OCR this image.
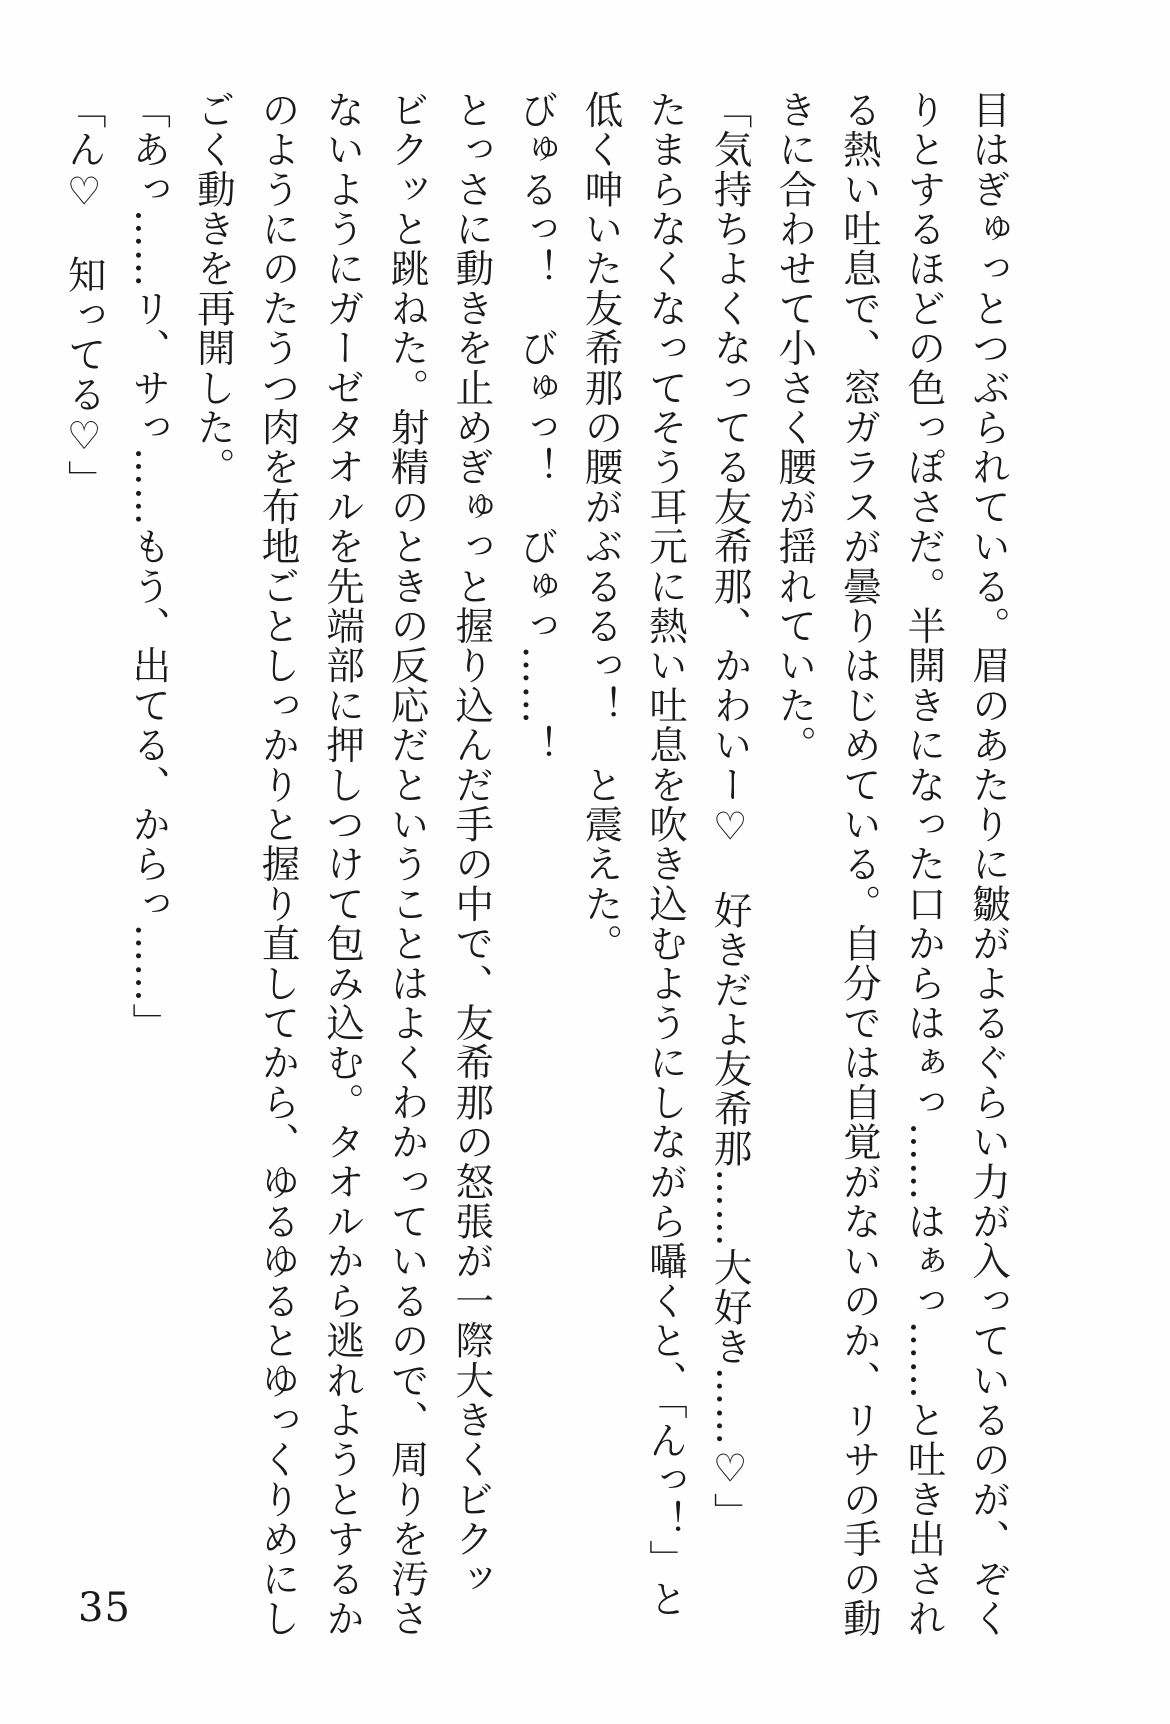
目はぎゅっとつぶられている。眉のあたりに皺がよるぐらい力が入っているのが、ぞく
りとするほどの色っぽさだ。半開きになった口からはぁっ……はぁっ……と吐き出され
る熱い吐息で、窓ガラスが曇りはじめている。自分では自覚がないのか、リサの手の動
きに合わせて小さく腰が揺れていた。
「気持ちよくなってる友希那、かわいー♡　好きだよ友希那……大好き……♡」
たまらなくなってそう耳元に熱い吐息を吹き込むようにしながら囁くと、「んっ！」と
低く呻いた友希那の腰がぶるるっ！　と震えた。
びゅるっ！　びゅっ！　びゅっ……！
とっさに動きを止めぎゅっと握り込んだ手の中で、友希那の怒張が一際大きくビクッ
ビクッと跳ねた。射精のときの反応だということはよくわかっているので、周りを汚さ
ないようにガーゼタオルを先端部に押しつけて包み込む。タオルから逃れようとするか
のようにのたうつ肉を布地ごとしっかりと握り直してから、ゆるゆるとゆっくりめにし
ごく動きを再開した。
「あっ……リ、サっ……もう、出てる、からっ……」
「ん♡　知ってる♡」
35
